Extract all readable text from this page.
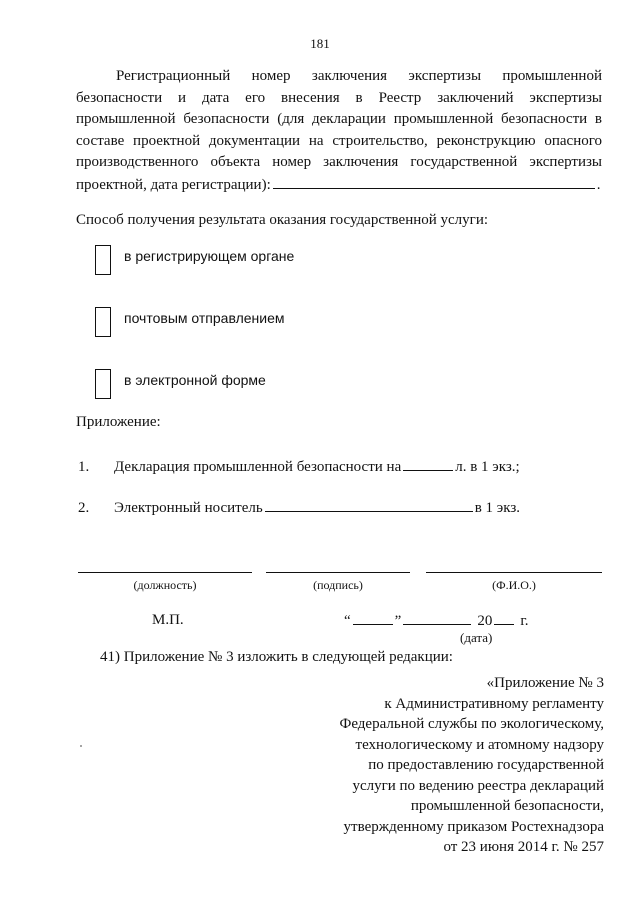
181

Регистрационный номер заключения экспертизы промышленной безопасности и дата его внесения в Реестр заключений экспертизы промышленной безопасности (для декларации промышленной безопасности в составе проектной документации на строительство, реконструкцию опасного производственного объекта номер заключения государственной экспертизы проектной, дата регистрации):	.

Способ получения результата оказания государственной услуги:
в регистрирующем органе
почтовым отправлением
в электронной форме
Приложение:
1.	Декларация промышленной безопасности на	л. в 1 экз.;
2.	Электронный носитель	в 1 экз.
(должность)	(подпись)	(Ф.И.О.)
М.П.	“	”	20 г.
(дата)
41) Приложение № 3 изложить в следующей редакции:
«Приложение № 3
к Административному регламенту
Федеральной службы по экологическому,
технологическому и атомному надзору
по предоставлению государственной
услуги по ведению реестра деклараций
промышленной безопасности,
утвержденному приказом Ростехнадзора
от 23 июня 2014 г. № 257
